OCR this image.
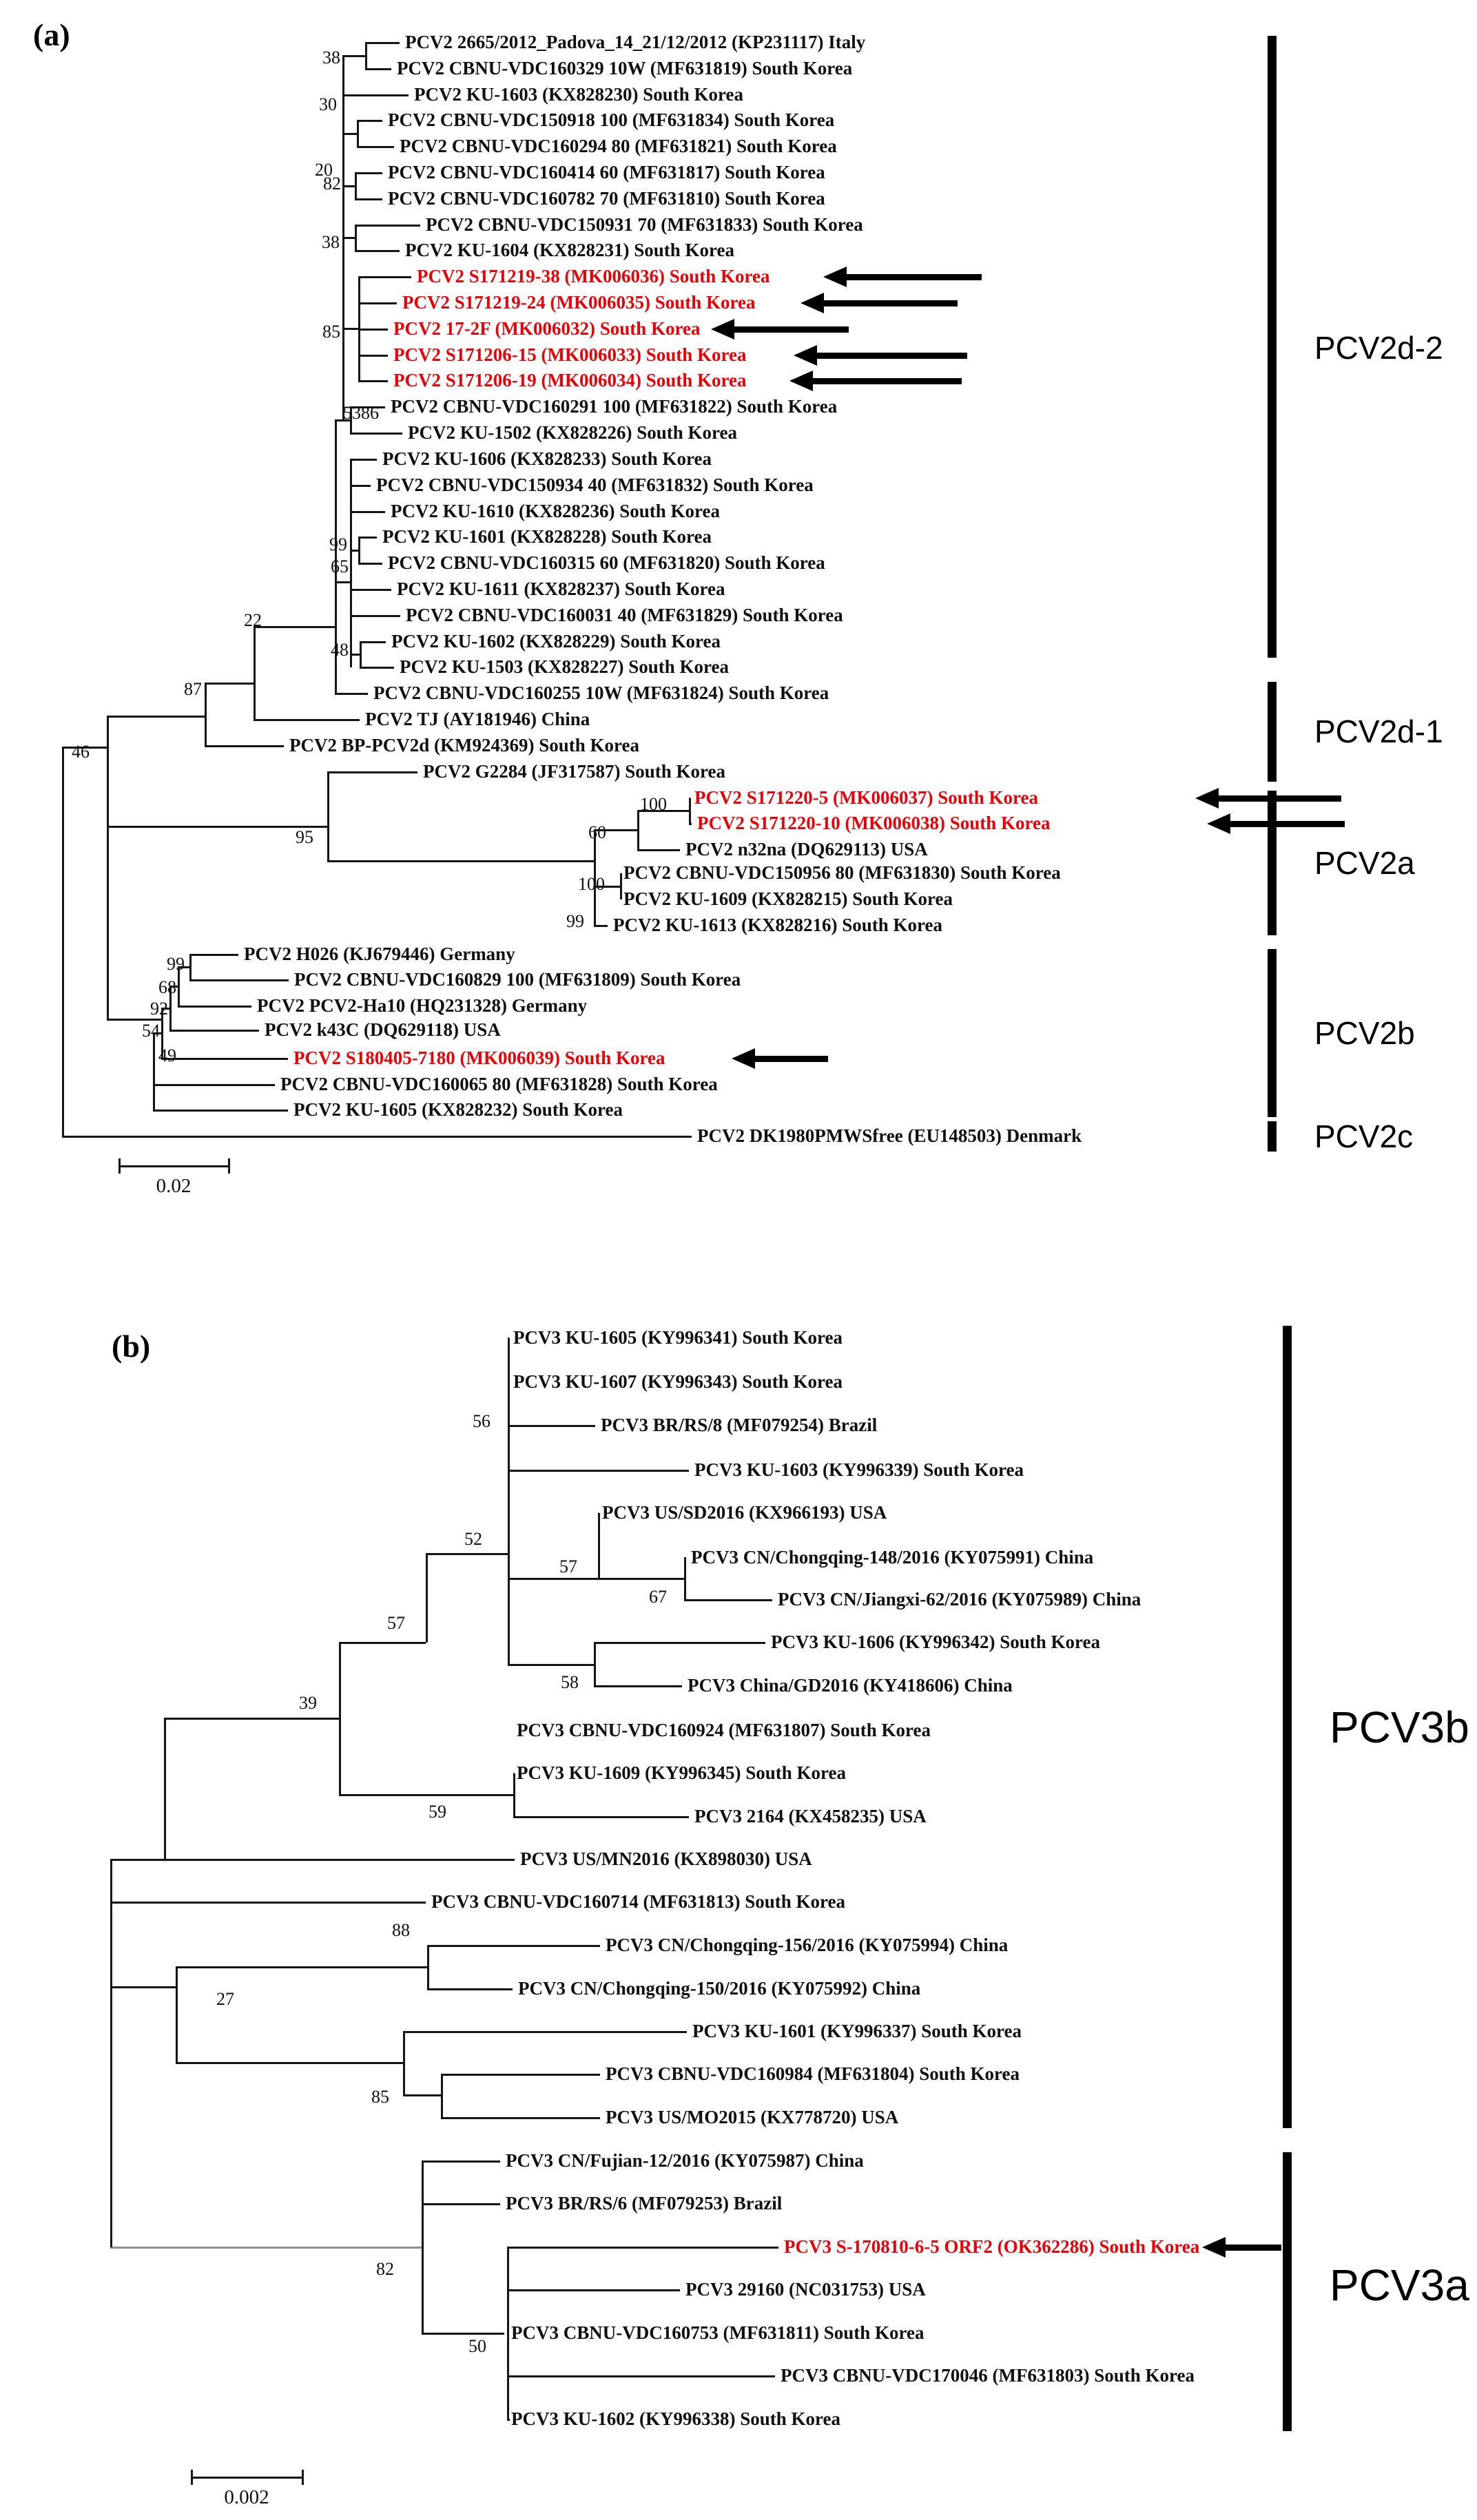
(a)
(b)
PCV2 2665/2012_Padova_14_21/12/2012 (KP231117) Italy
PCV2 CBNU-VDC160329 10W (MF631819) South Korea
PCV2 KU-1603 (KX828230) South Korea
PCV2 CBNU-VDC150918 100 (MF631834) South Korea
PCV2 CBNU-VDC160294 80 (MF631821) South Korea
PCV2 CBNU-VDC160414 60 (MF631817) South Korea
PCV2 CBNU-VDC160782 70 (MF631810) South Korea
PCV2 CBNU-VDC150931 70 (MF631833) South Korea
PCV2 KU-1604 (KX828231) South Korea
PCV2 S171219-38 (MK006036) South Korea
PCV2 S171219-24 (MK006035) South Korea
PCV2 17-2F (MK006032) South Korea
PCV2 S171206-15 (MK006033) South Korea
PCV2 S171206-19 (MK006034) South Korea
PCV2 CBNU-VDC160291 100 (MF631822) South Korea
PCV2 KU-1502 (KX828226) South Korea
PCV2 KU-1606 (KX828233) South Korea
PCV2 CBNU-VDC150934 40 (MF631832) South Korea
PCV2 KU-1610 (KX828236) South Korea
PCV2 KU-1601 (KX828228) South Korea
PCV2 CBNU-VDC160315 60 (MF631820) South Korea
PCV2 KU-1611 (KX828237) South Korea
PCV2 CBNU-VDC160031 40 (MF631829) South Korea
PCV2 KU-1602 (KX828229) South Korea
PCV2 KU-1503 (KX828227) South Korea
PCV2 CBNU-VDC160255 10W (MF631824) South Korea
PCV2 TJ (AY181946) China
PCV2 BP-PCV2d (KM924369) South Korea
PCV2 G2284 (JF317587) South Korea
PCV2 S171220-5 (MK006037) South Korea
PCV2 S171220-10 (MK006038) South Korea
PCV2 n32na (DQ629113) USA
PCV2 CBNU-VDC150956 80 (MF631830) South Korea
PCV2 KU-1609 (KX828215) South Korea
PCV2 KU-1613 (KX828216) South Korea
PCV2 H026 (KJ679446) Germany
PCV2 CBNU-VDC160829 100 (MF631809) South Korea
PCV2 PCV2-Ha10 (HQ231328) Germany
PCV2 k43C (DQ629118) USA
PCV2 S180405-7180 (MK006039) South Korea
PCV2 CBNU-VDC160065 80 (MF631828) South Korea
PCV2 KU-1605 (KX828232) South Korea
PCV2 DK1980PMWSfree (EU148503) Denmark
38
30
20
82
38
85
53 86
99
65
48
22
87
46
95
100
60
100
99
99
68
92
54
49
PCV2d-2
PCV2d-1
PCV2a
PCV2b
PCV2c
0.02
PCV3 KU-1605 (KY996341) South Korea
PCV3 KU-1607 (KY996343) South Korea
PCV3 BR/RS/8 (MF079254) Brazil
PCV3 KU-1603 (KY996339) South Korea
PCV3 US/SD2016 (KX966193) USA
PCV3 CN/Chongqing-148/2016 (KY075991) China
PCV3 CN/Jiangxi-62/2016 (KY075989) China
PCV3 KU-1606 (KY996342) South Korea
PCV3 China/GD2016 (KY418606) China
PCV3 CBNU-VDC160924 (MF631807) South Korea
PCV3 KU-1609 (KY996345) South Korea
PCV3 2164 (KX458235) USA
PCV3 US/MN2016 (KX898030) USA
PCV3 CBNU-VDC160714 (MF631813) South Korea
PCV3 CN/Chongqing-156/2016 (KY075994) China
PCV3 CN/Chongqing-150/2016 (KY075992) China
PCV3 KU-1601 (KY996337) South Korea
PCV3 CBNU-VDC160984 (MF631804) South Korea
PCV3 US/MO2015 (KX778720) USA
PCV3 CN/Fujian-12/2016 (KY075987) China
PCV3 BR/RS/6 (MF079253) Brazil
PCV3 S-170810-6-5 ORF2 (OK362286) South Korea
PCV3 29160 (NC031753) USA
PCV3 CBNU-VDC160753 (MF631811) South Korea
PCV3 CBNU-VDC170046 (MF631803) South Korea
PCV3 KU-1602 (KY996338) South Korea
56
52
57
67
58
57
39
59
88
27
85
82
50
PCV3b
PCV3a
0.002
